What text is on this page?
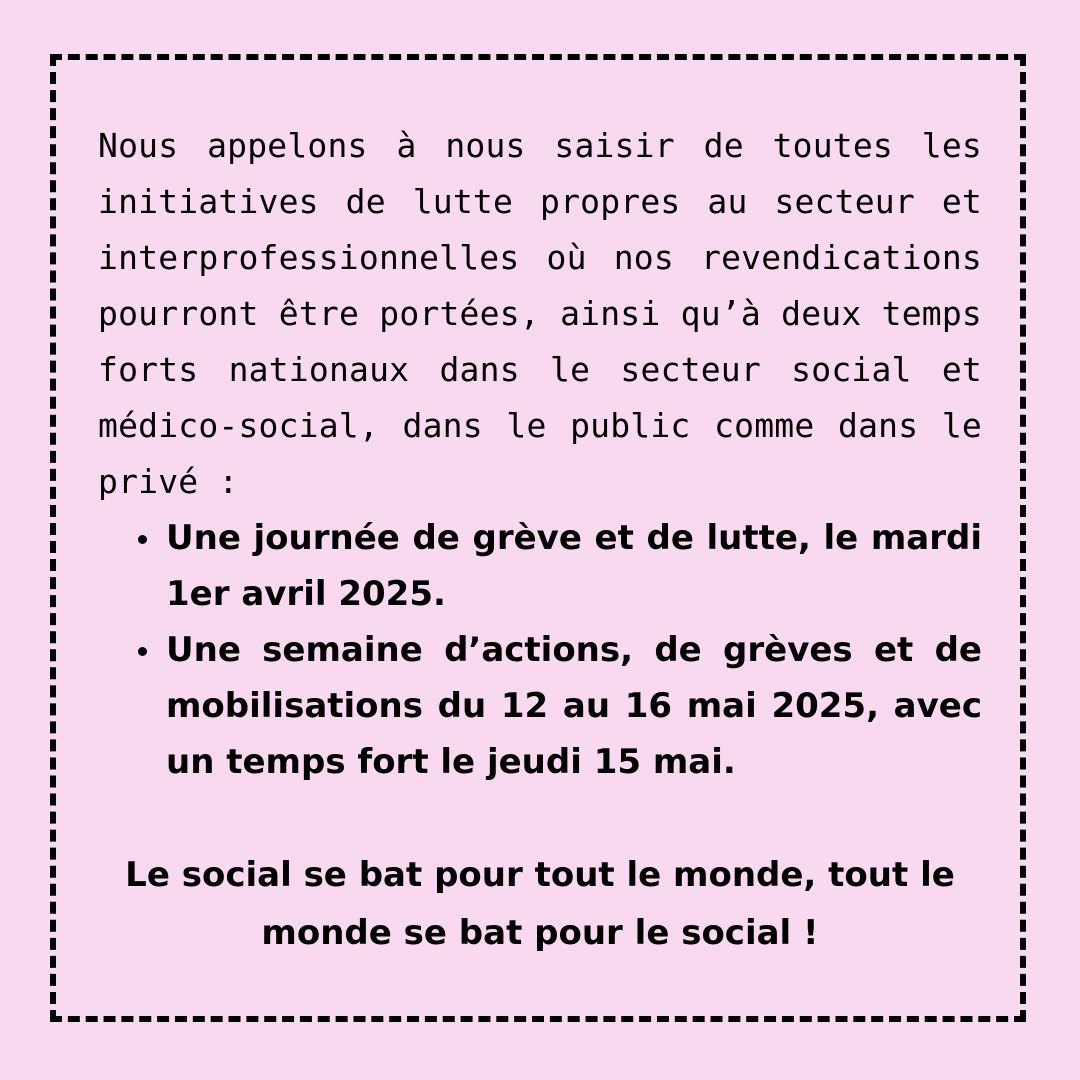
Nous appelons à nous saisir de toutes les initiatives de lutte propres au secteur et interprofessionnelles où nos revendications pourront être portées, ainsi qu’à deux temps forts nationaux dans le secteur social et médico-social, dans le public comme dans le privé :

Une journée de grève et de lutte, le mardi 1er avril 2025.
Une semaine d’actions, de grèves et de mobilisations du 12 au 16 mai 2025, avec un temps fort le jeudi 15 mai.

Le social se bat pour tout le monde, tout le monde se bat pour le social !
